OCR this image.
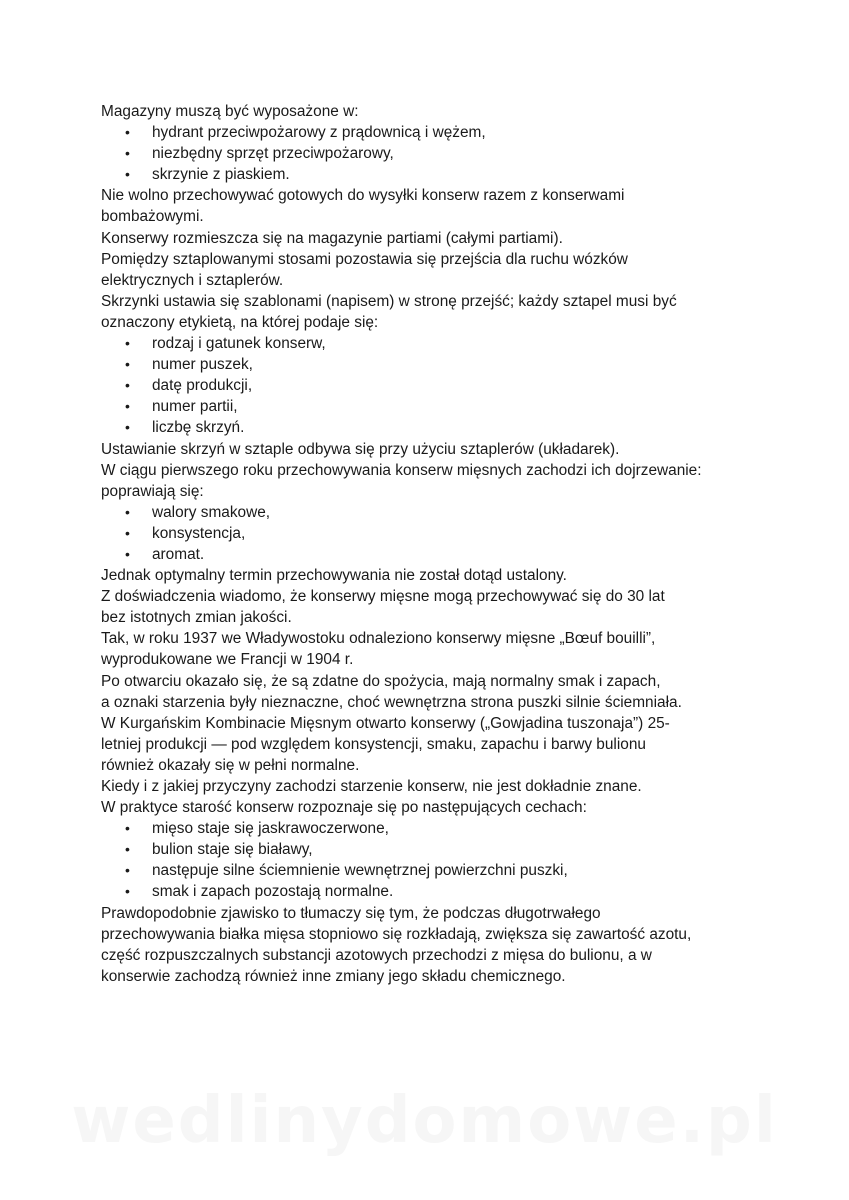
Magazyny muszą być wyposażone w:

• hydrant przeciwpożarowy z prądownicą i wężem,
• niezbędny sprzęt przeciwpożarowy,
• skrzynie z piaskiem.

Nie wolno przechowywać gotowych do wysyłki konserw razem z konserwami

bombażowymi.

Konserwy rozmieszcza się na magazynie partiami (całymi partiami).

Pomiędzy sztaplowanymi stosami pozostawia się przejścia dla ruchu wózków

elektrycznych i sztaplerów.

Skrzynki ustawia się szablonami (napisem) w stronę przejść; każdy sztapel musi być

oznaczony etykietą, na której podaje się:

• rodzaj i gatunek konserw,
• numer puszek,
• datę produkcji,
• numer partii,
• liczbę skrzyń.

Ustawianie skrzyń w sztaple odbywa się przy użyciu sztaplerów (układarek).

W ciągu pierwszego roku przechowywania konserw mięsnych zachodzi ich dojrzewanie:

poprawiają się:

• walory smakowe,
• konsystencja,
• aromat.

Jednak optymalny termin przechowywania nie został dotąd ustalony.

Z doświadczenia wiadomo, że konserwy mięsne mogą przechowywać się do 30 lat

bez istotnych zmian jakości.

Tak, w roku 1937 we Władywostoku odnaleziono konserwy mięsne „Bœuf bouilli”,

wyprodukowane we Francji w 1904 r.

Po otwarciu okazało się, że są zdatne do spożycia, mają normalny smak i zapach,

a oznaki starzenia były nieznaczne, choć wewnętrzna strona puszki silnie ściemniała.

W Kurgańskim Kombinacie Mięsnym otwarto konserwy („Gowjadina tuszonaja”) 25-

letniej produkcji — pod względem konsystencji, smaku, zapachu i barwy bulionu

również okazały się w pełni normalne.

Kiedy i z jakiej przyczyny zachodzi starzenie konserw, nie jest dokładnie znane.

W praktyce starość konserw rozpoznaje się po następujących cechach:

• mięso staje się jaskrawoczerwone,
• bulion staje się białawy,
• następuje silne ściemnienie wewnętrznej powierzchni puszki,
• smak i zapach pozostają normalne.

Prawdopodobnie zjawisko to tłumaczy się tym, że podczas długotrwałego

przechowywania białka mięsa stopniowo się rozkładają, zwiększa się zawartość azotu,

część rozpuszczalnych substancji azotowych przechodzi z mięsa do bulionu, a w

konserwie zachodzą również inne zmiany jego składu chemicznego.

wedlinydomowe.pl
